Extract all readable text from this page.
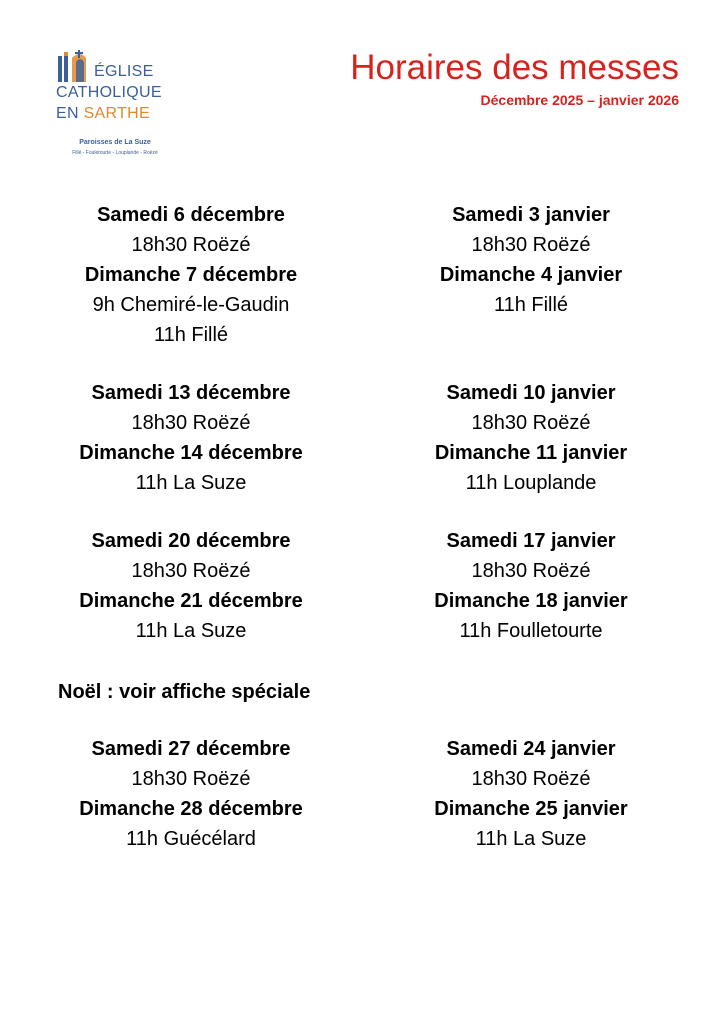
ÉGLISE
CATHOLIQUE
EN SARTHE
Paroisses de La Suze
Fillé - Fouletourte - Louplande - Roëzé
Horaires des messes
Décembre 2025 – janvier 2026
Samedi 6 décembre
18h30 Roëzé
Dimanche 7 décembre
9h Chemiré-le-Gaudin
11h Fillé
Samedi 13 décembre
18h30 Roëzé
Dimanche 14 décembre
11h La Suze
Samedi 20 décembre
18h30 Roëzé
Dimanche 21 décembre
11h La Suze
Samedi 27 décembre
18h30 Roëzé
Dimanche 28 décembre
11h Guécélard
Samedi 3 janvier
18h30 Roëzé
Dimanche 4 janvier
11h Fillé
Samedi 10 janvier
18h30 Roëzé
Dimanche 11 janvier
11h Louplande
Samedi 17 janvier
18h30 Roëzé
Dimanche 18 janvier
11h Foulletourte
Samedi 24 janvier
18h30 Roëzé
Dimanche 25 janvier
11h La Suze
Noël : voir affiche spéciale
